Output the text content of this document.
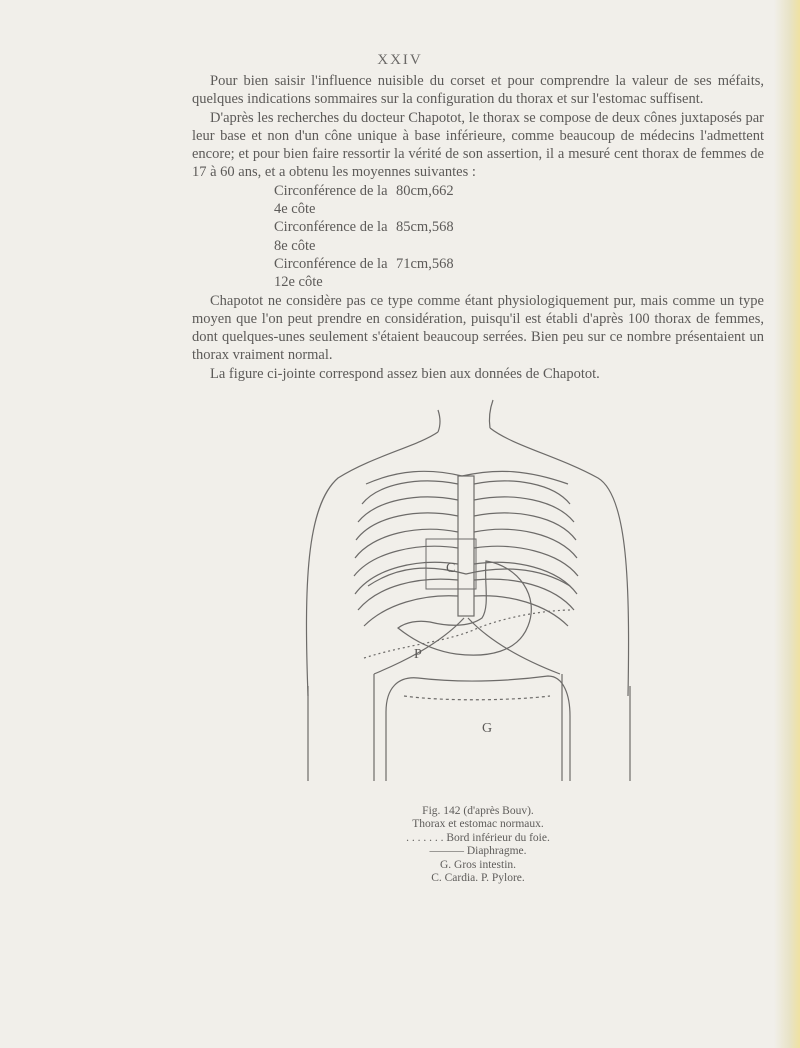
XXIV

Pour bien saisir l'influence nuisible du corset et pour comprendre la valeur de ses méfaits, quelques indications sommaires sur la configuration du thorax et sur l'estomac suffisent.

D'après les recherches du docteur Chapotot, le thorax se compose de deux cônes juxtaposés par leur base et non d'un cône unique à base inférieure, comme beaucoup de médecins l'admettent encore; et pour bien faire ressortir la vérité de son assertion, il a mesuré cent thorax de femmes de 17 à 60 ans, et a obtenu les moyennes suivantes :

Circonférence de la 4e côte
80cm,662
Circonférence de la 8e côte
85cm,568
Circonférence de la 12e côte
71cm,568

Chapotot ne considère pas ce type comme étant physiologiquement pur, mais comme un type moyen que l'on peut prendre en considération, puisqu'il est établi d'après 100 thorax de femmes, dont quelques-unes seulement s'étaient beaucoup serrées. Bien peu sur ce nombre présentaient un thorax vraiment normal.

La figure ci-jointe correspond assez bien aux données de Chapotot.

C
P
G
Fig. 142 (d'après Bouv).
Thorax et estomac normaux.
. . . . . . . Bord inférieur du foie.
——— Diaphragme.
G. Gros intestin.
C. Cardia. P. Pylore.
